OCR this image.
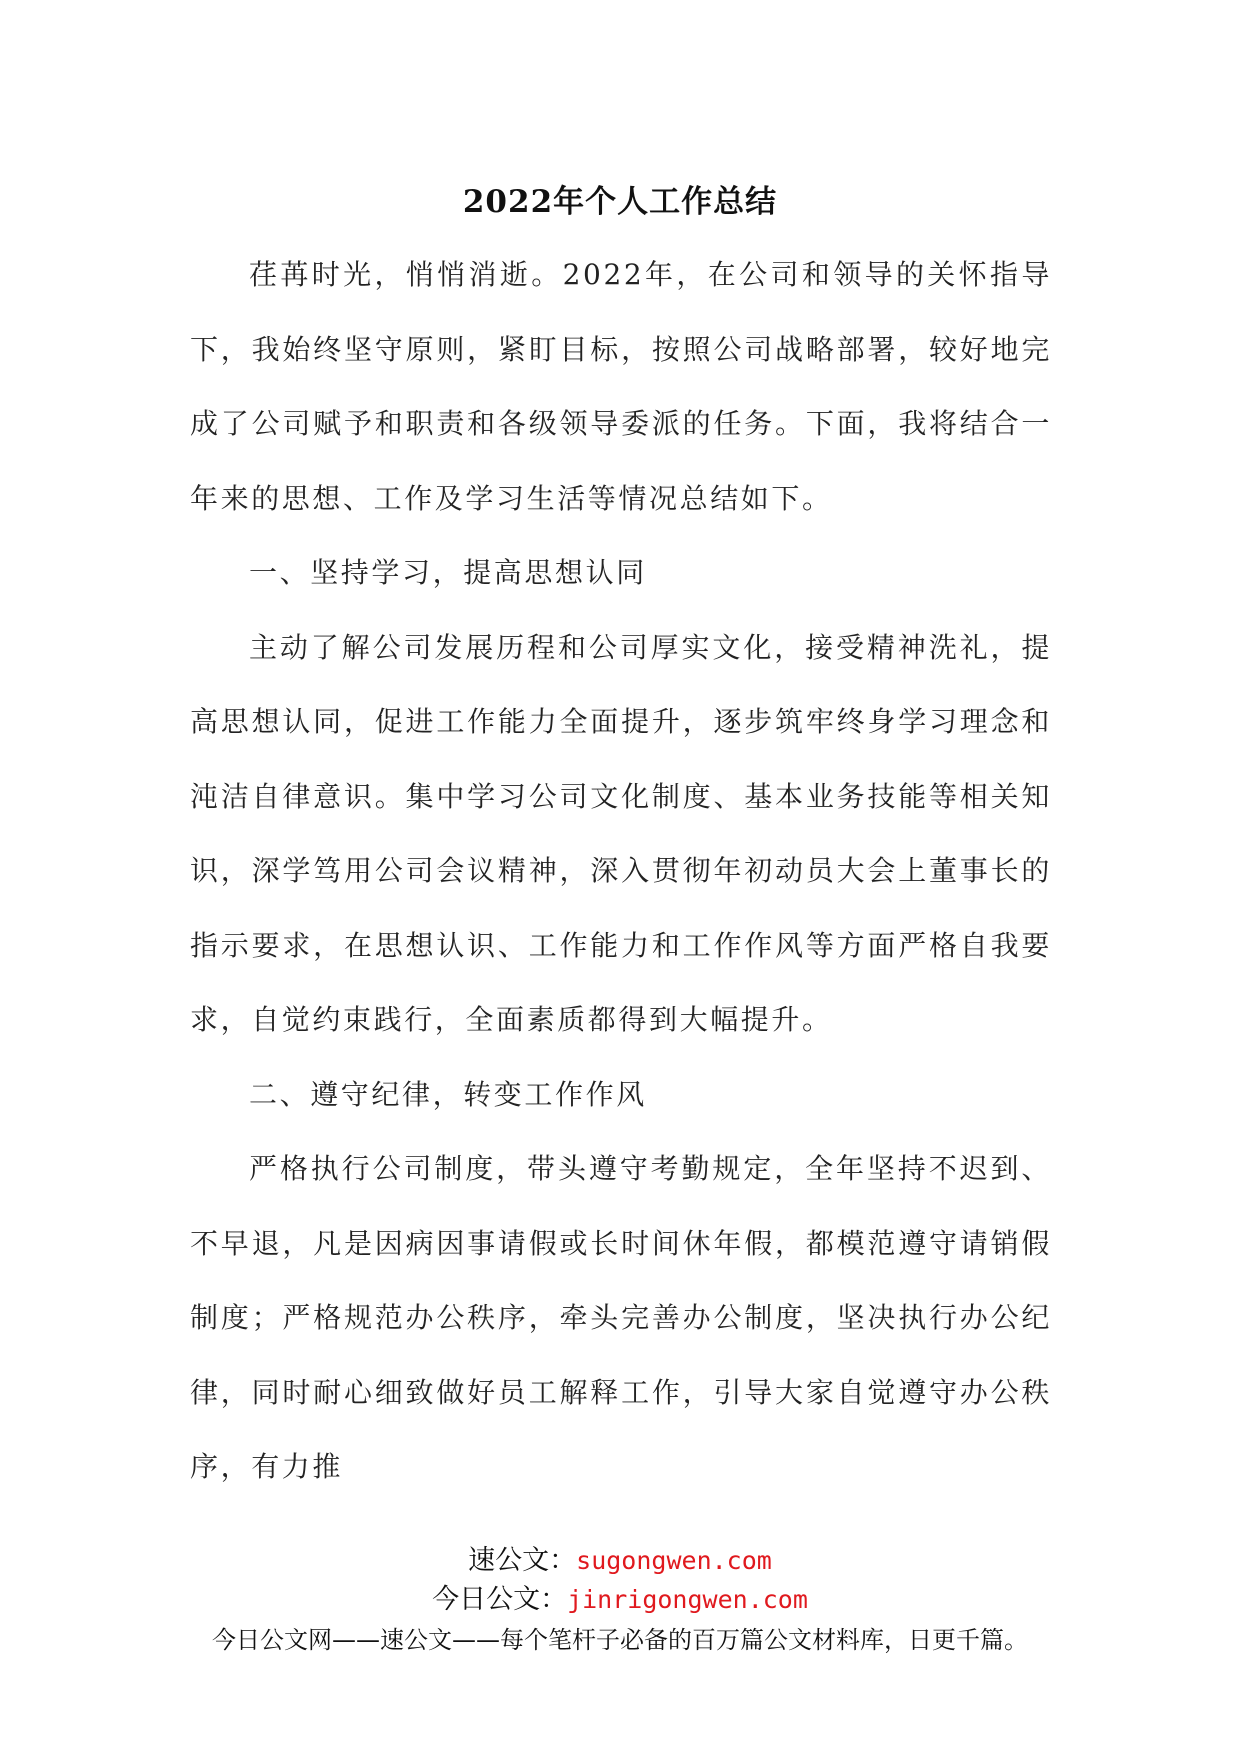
2022年个人工作总结

荏苒时光，悄悄消逝。2022年，在公司和领导的关怀指导下，我始终坚守原则，紧盯目标，按照公司战略部署，较好地完成了公司赋予和职责和各级领导委派的任务。下面，我将结合一年来的思想、工作及学习生活等情况总结如下。

一、坚持学习，提高思想认同

主动了解公司发展历程和公司厚实文化，接受精神洗礼，提高思想认同，促进工作能力全面提升，逐步筑牢终身学习理念和沌洁自律意识。集中学习公司文化制度、基本业务技能等相关知识，深学笃用公司会议精神，深入贯彻年初动员大会上董事长的指示要求，在思想认识、工作能力和工作作风等方面严格自我要求，自觉约束践行，全面素质都得到大幅提升。

二、遵守纪律，转变工作作风

严格执行公司制度，带头遵守考勤规定，全年坚持不迟到、不早退，凡是因病因事请假或长时间休年假，都模范遵守请销假制度；严格规范办公秩序，牵头完善办公制度，坚决执行办公纪律，同时耐心细致做好员工解释工作，引导大家自觉遵守办公秩序，有力推

速公文：sugongwen.com
今日公文：jinrigongwen.com
今日公文网——速公文——每个笔杆子必备的百万篇公文材料库，日更千篇。
